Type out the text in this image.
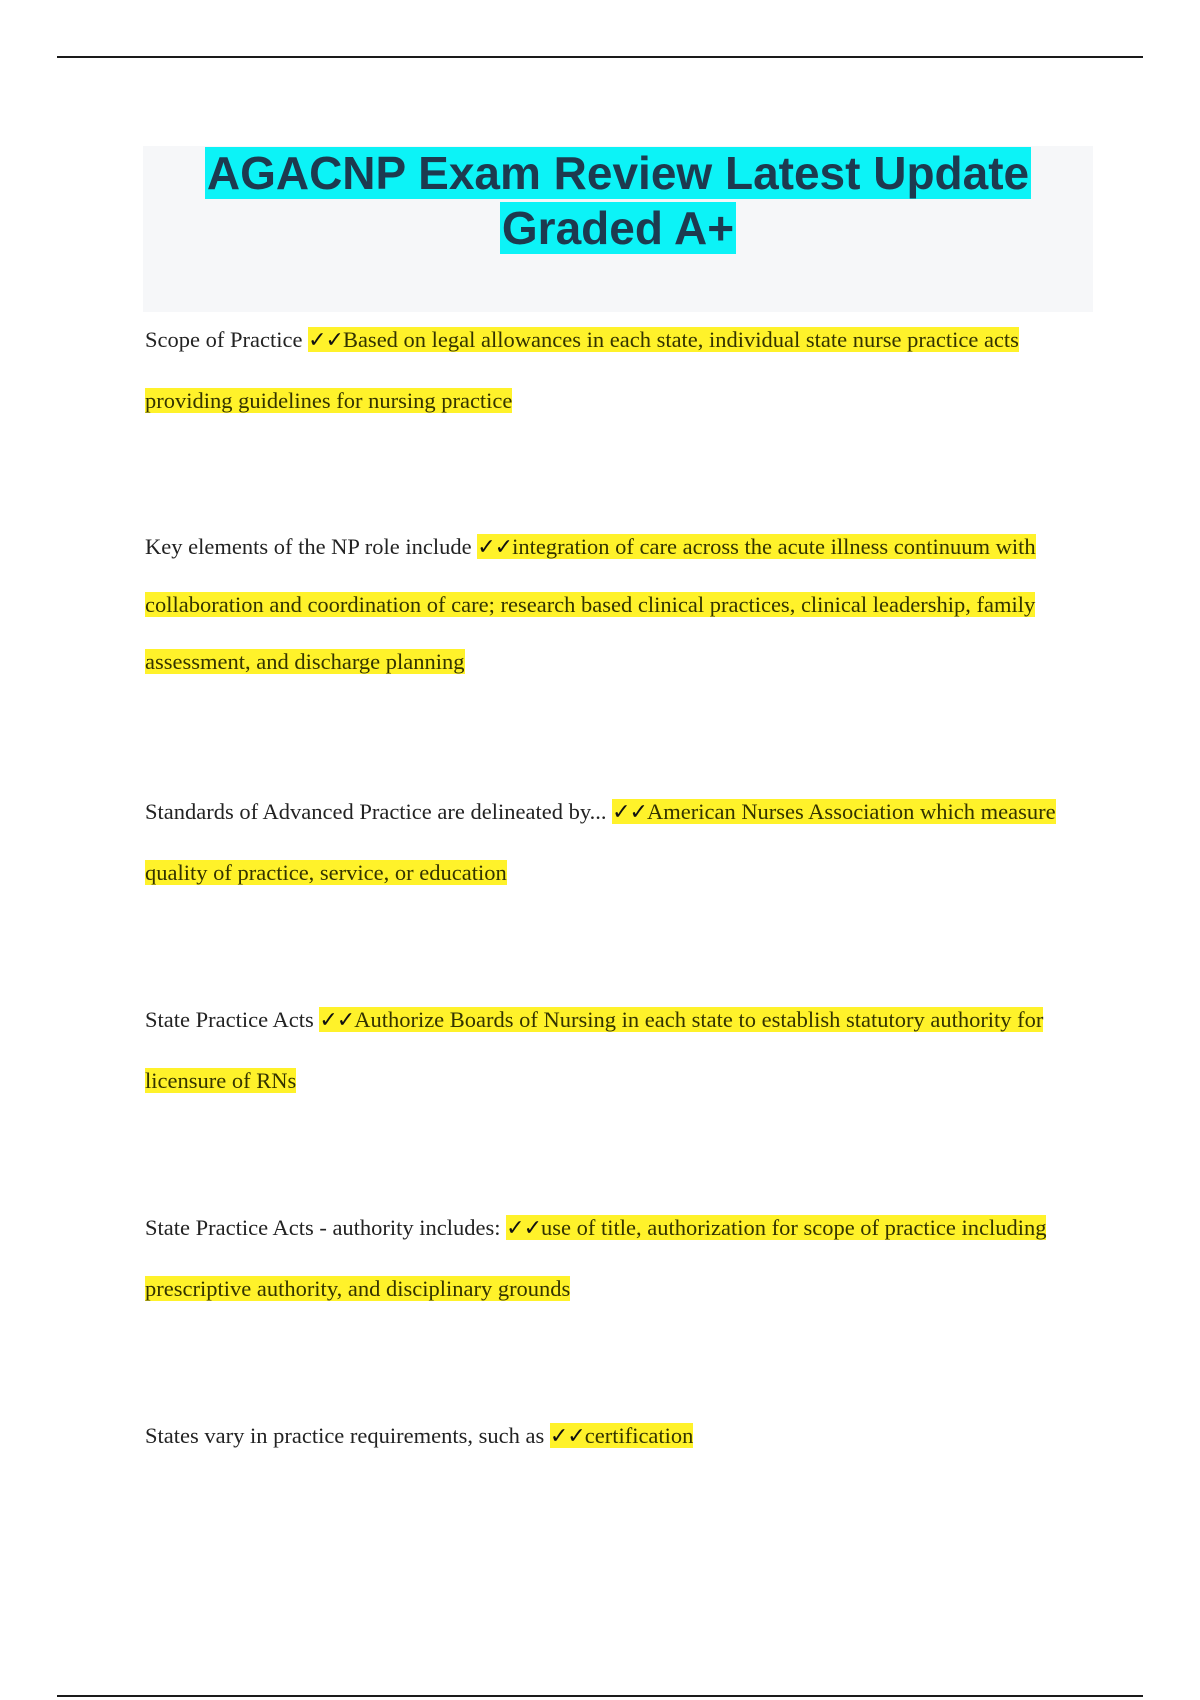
AGACNP Exam Review Latest Update
Graded A+

Scope of Practice ✓✓Based on legal allowances in each state, individual state nurse practice acts providing guidelines for nursing practice

Key elements of the NP role include ✓✓integration of care across the acute illness continuum with collaboration and coordination of care; research based clinical practices, clinical leadership, family assessment, and discharge planning

Standards of Advanced Practice are delineated by... ✓✓American Nurses Association which measure quality of practice, service, or education

State Practice Acts ✓✓Authorize Boards of Nursing in each state to establish statutory authority for licensure of RNs

State Practice Acts - authority includes: ✓✓use of title, authorization for scope of practice including prescriptive authority, and disciplinary grounds

States vary in practice requirements, such as ✓✓certification
